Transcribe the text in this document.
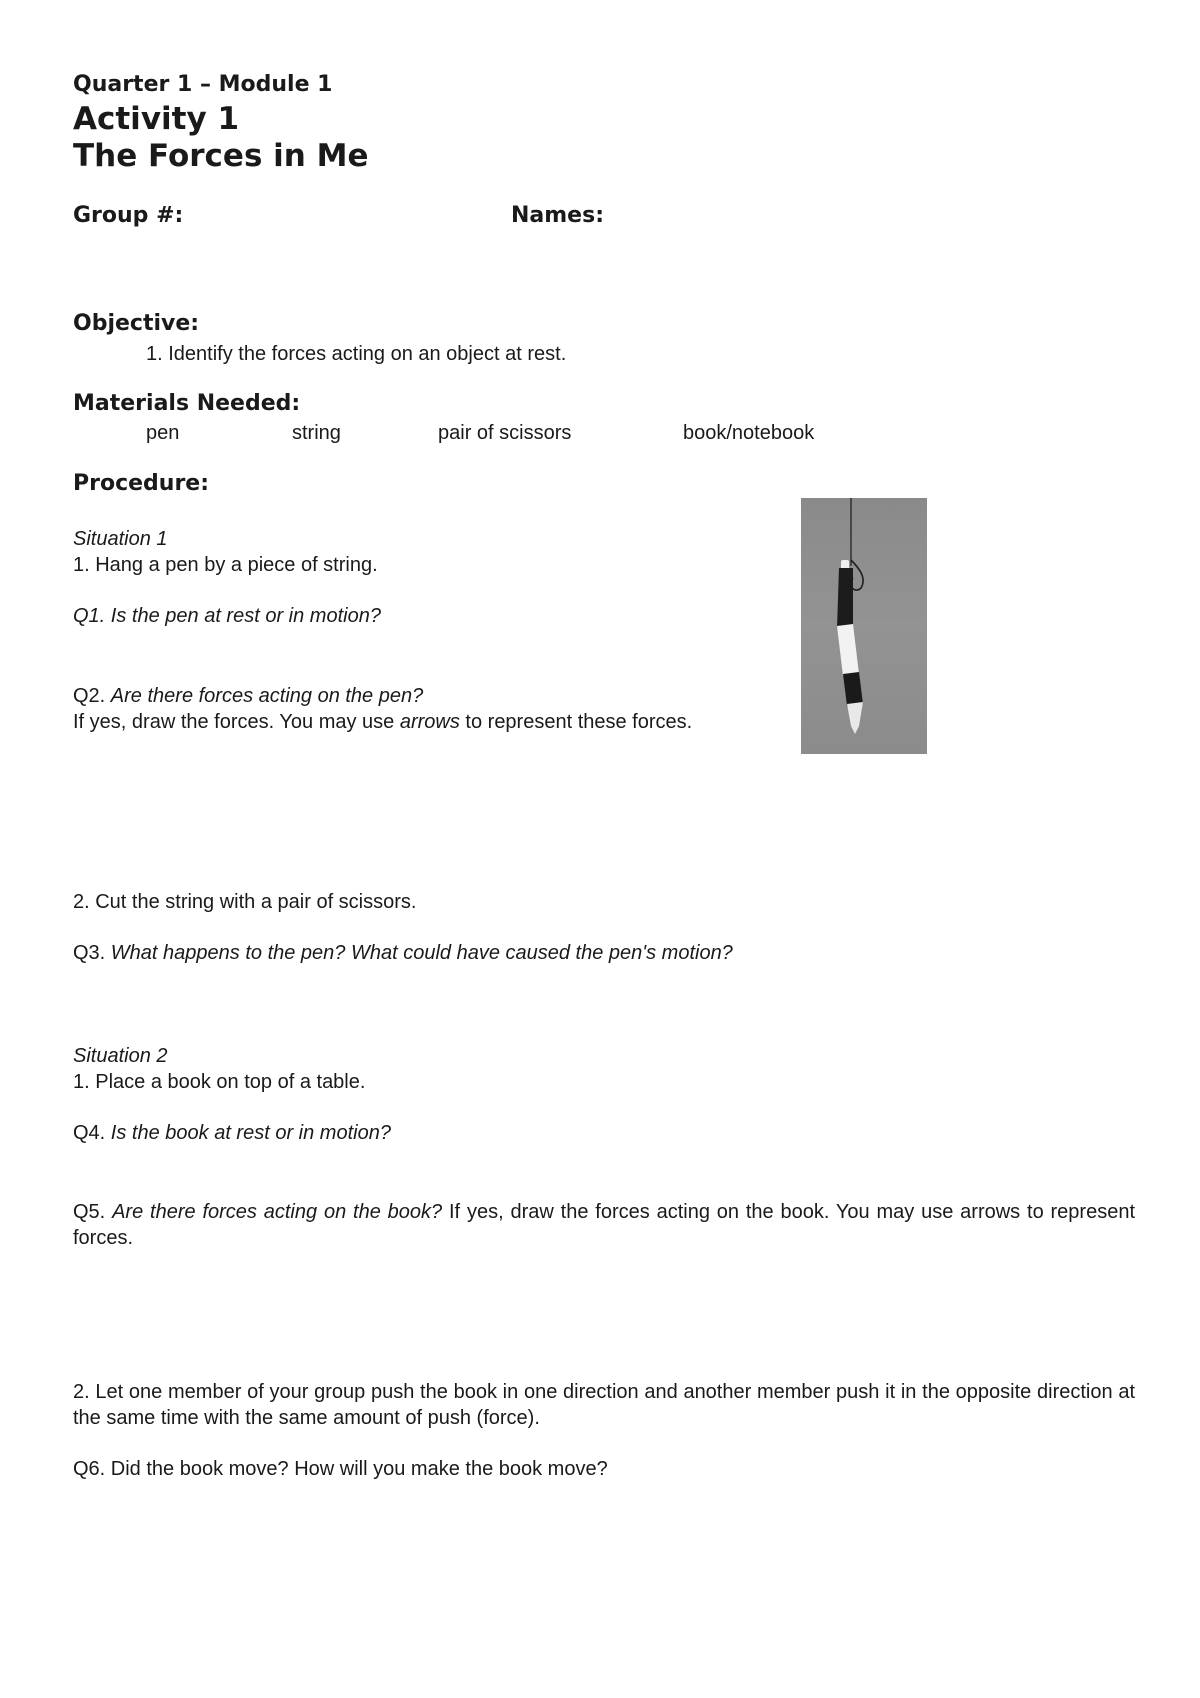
Quarter 1 – Module 1
Activity 1
The Forces in Me
Group #:	Names:
Objective:
1. Identify the forces acting on an object at rest.
Materials Needed:
pen	string	pair of scissors	book/notebook
Procedure:
Situation 1
1. Hang a pen by a piece of string.
Q1. Is the pen at rest or in motion?
Q2. Are there forces acting on the pen?
If yes, draw the forces. You may use arrows to represent these forces.
2. Cut the string with a pair of scissors.
Q3. What happens to the pen? What could have caused the pen's motion?
Situation 2
1. Place a book on top of a table.
Q4. Is the book at rest or in motion?
Q5. Are there forces acting on the book? If yes, draw the forces acting on the book. You may use arrows to represent forces.
2. Let one member of your group push the book in one direction and another member push it in the opposite direction at the same time with the same amount of push (force).
Q6. Did the book move? How will you make the book move?
